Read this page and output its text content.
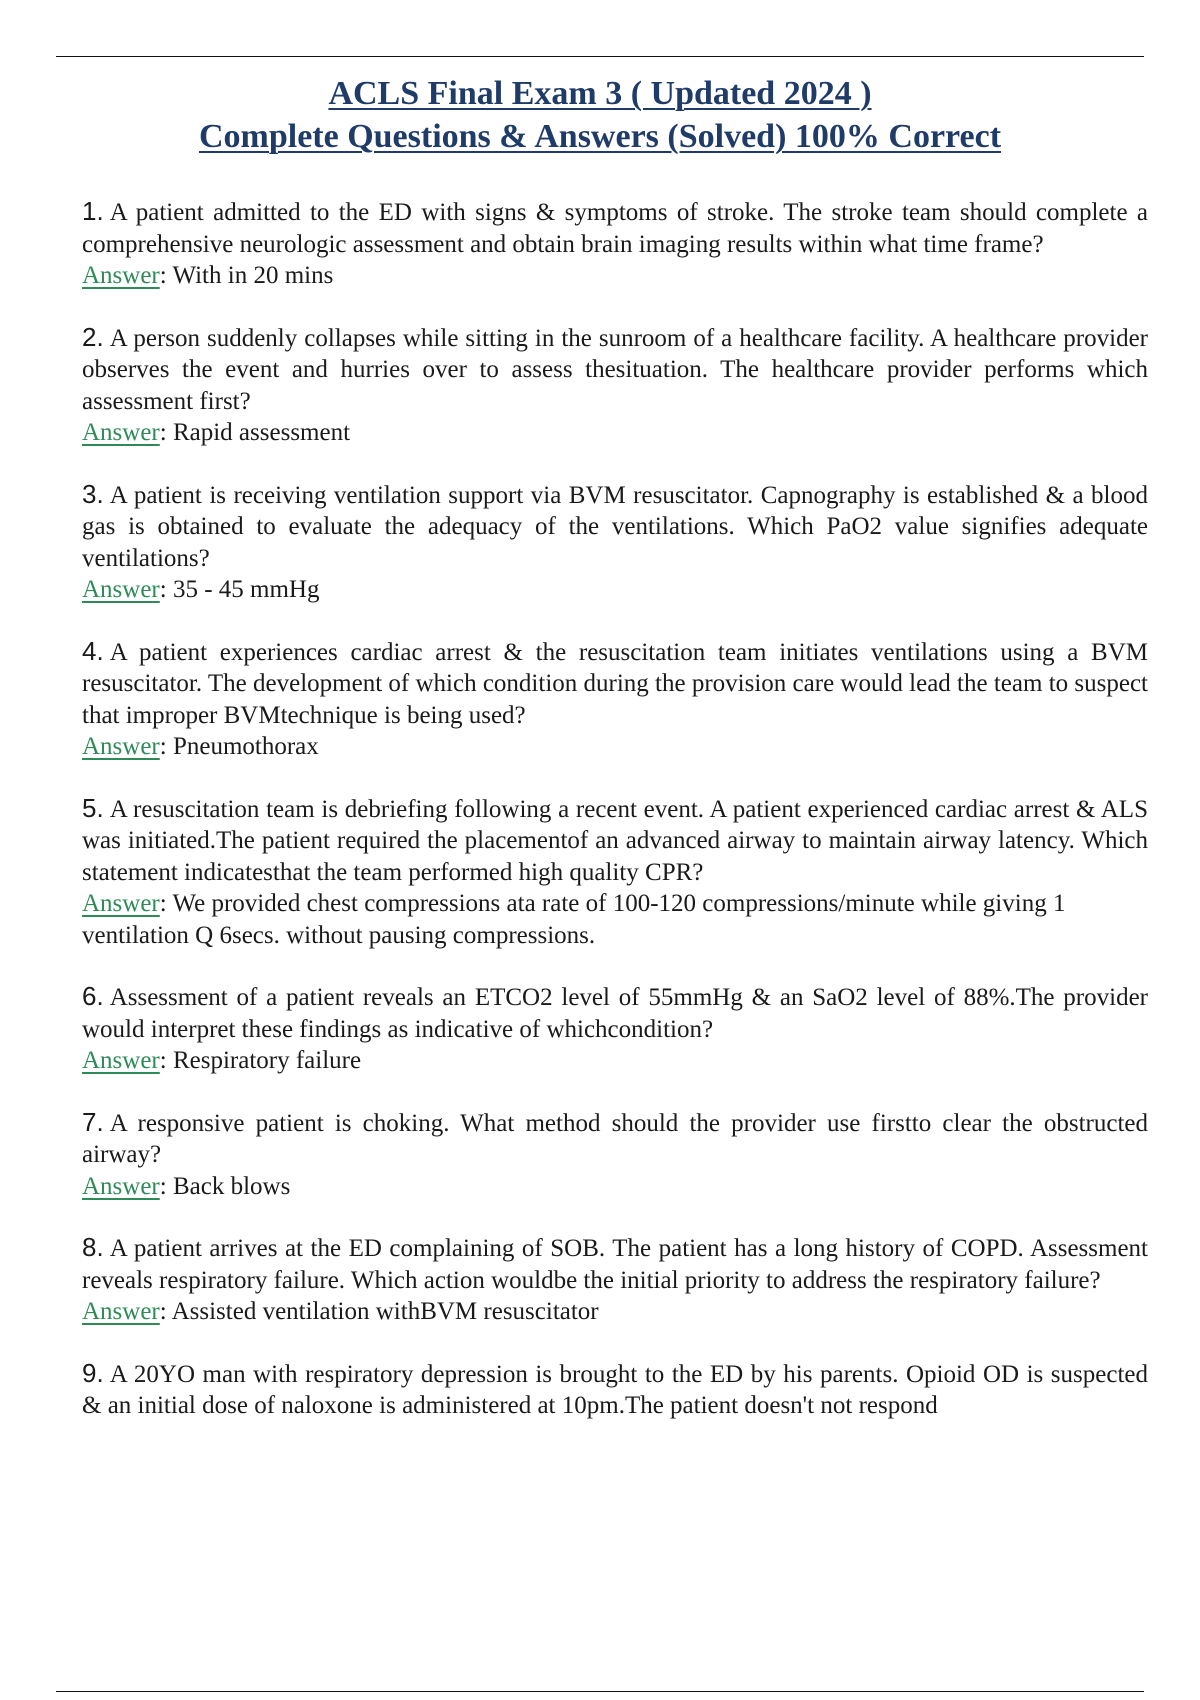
ACLS Final Exam 3 ( Updated 2024 )
Complete Questions & Answers (Solved) 100% Correct
1. A patient admitted to the ED with signs & symptoms of stroke. The stroke team should complete a comprehensive neurologic assessment and obtain brain imaging results within what time frame?
Answer: With in 20 mins
2. A person suddenly collapses while sitting in the sunroom of a healthcare facility. A healthcare provider observes the event and hurries over to assess thesituation. The healthcare provider performs which assessment first?
Answer: Rapid assessment
3. A patient is receiving ventilation support via BVM resuscitator. Capnography is established & a blood gas is obtained to evaluate the adequacy of the ventilations. Which PaO2 value signifies adequate ventilations?
Answer: 35 - 45 mmHg
4. A patient experiences cardiac arrest & the resuscitation team initiates ventilations using a BVM resuscitator. The development of which condition during the provision care would lead the team to suspect that improper BVMtechnique is being used?
Answer: Pneumothorax
5. A resuscitation team is debriefing following a recent event. A patient experienced cardiac arrest & ALS was initiated.The patient required the placementof an advanced airway to maintain airway latency. Which statement indicatesthat the team performed high quality CPR?
Answer: We provided chest compressions ata rate of 100-120 compressions/minute while giving 1 ventilation Q 6secs. without pausing compressions.
6. Assessment of a patient reveals an ETCO2 level of 55mmHg & an SaO2 level of 88%.The provider would interpret these findings as indicative of whichcondition?
Answer: Respiratory failure
7. A responsive patient is choking. What method should the provider use firstto clear the obstructed airway?
Answer: Back blows
8. A patient arrives at the ED complaining of SOB. The patient has a long history of COPD. Assessment reveals respiratory failure. Which action wouldbe the initial priority to address the respiratory failure?
Answer: Assisted ventilation withBVM resuscitator
9. A 20YO man with respiratory depression is brought to the ED by his parents. Opioid OD is suspected & an initial dose of naloxone is administered at 10pm.The patient doesn't not respond
